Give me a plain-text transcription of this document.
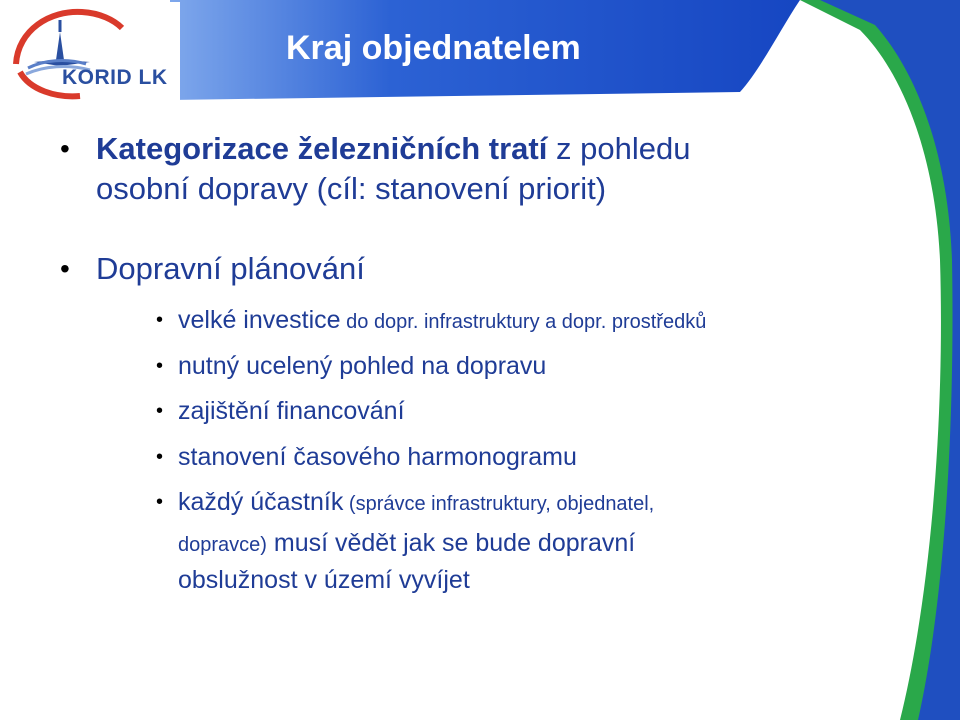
Kraj objednatelem
KORID LK
• Kategorizace železničních tratí z pohledu
osobní dopravy (cíl: stanovení priorit)
• Dopravní plánování
• velké investice do dopr. infrastruktury a dopr. prostředků
• nutný ucelený pohled na dopravu
• zajištění financování
• stanovení časového harmonogramu
• každý účastník (správce infrastruktury, objednatel,
dopravce) musí vědět jak se bude dopravní
obslužnost v území vyvíjet
